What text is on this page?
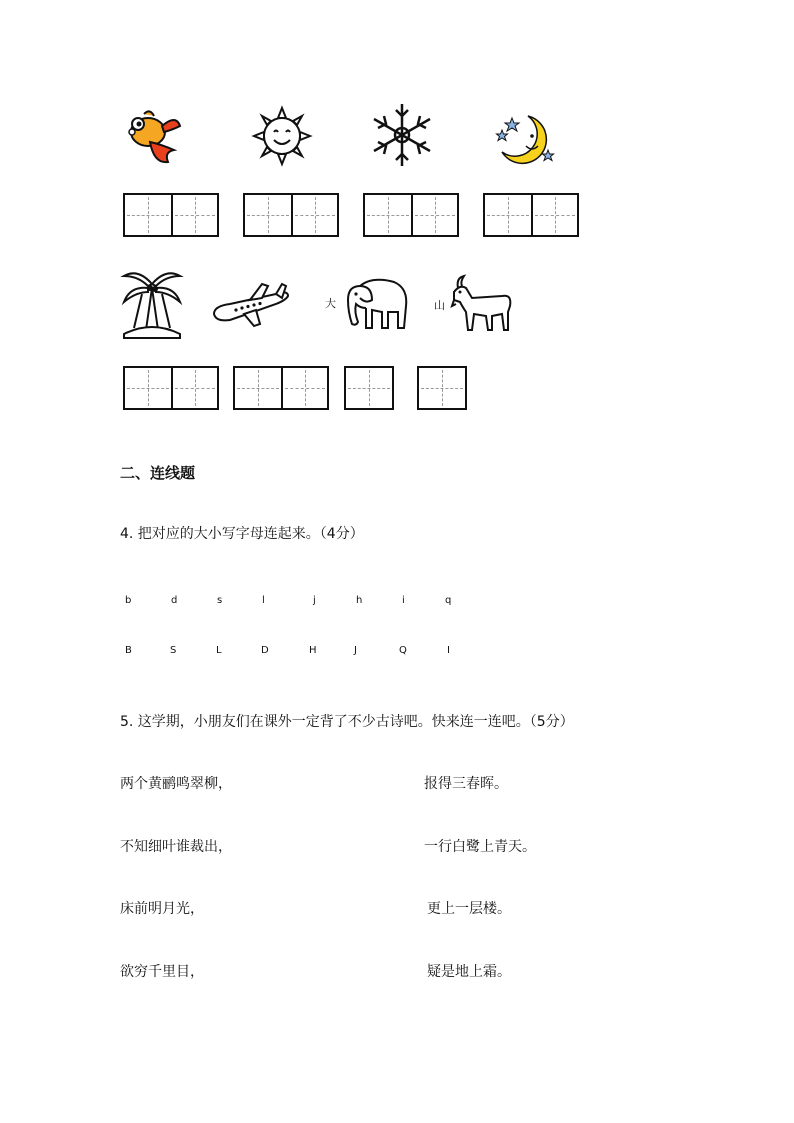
大	山
二、连线题
4. 把对应的大小写字母连起来。（4分）
b	d	s	l	j	h	i	q
B	S	L	D	H	J	Q	I
5. 这学期，小朋友们在课外一定背了不少古诗吧。快来连一连吧。（5分）
两个黄鹂鸣翠柳，
不知细叶谁裁出，
床前明月光，
欲穷千里目，
报得三春晖。
一行白鹭上青天。
更上一层楼。
疑是地上霜。
